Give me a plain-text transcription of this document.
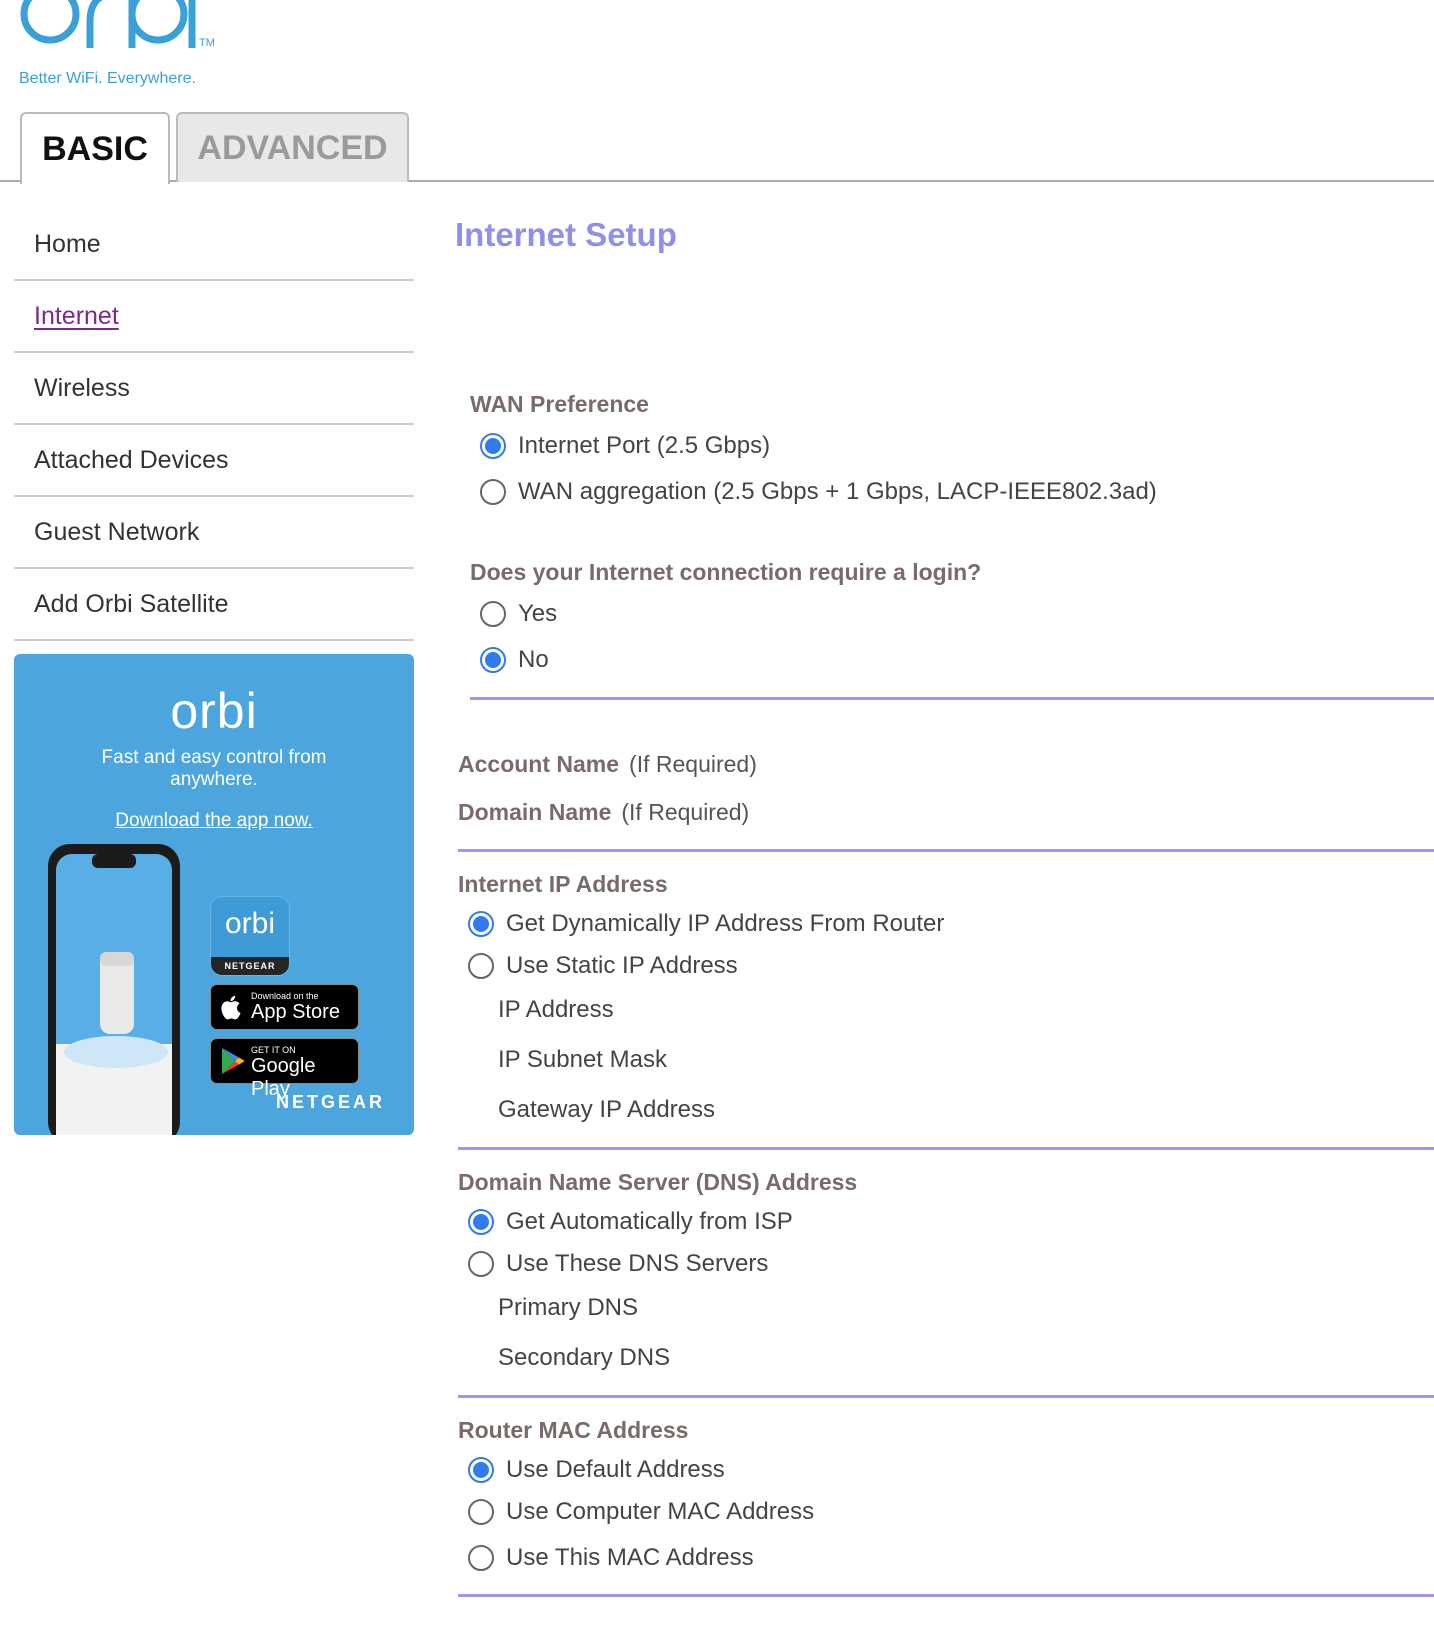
TM
Better WiFi. Everywhere.
BASIC	ADVANCED
Home
Internet
Wireless
Attached Devices
Guest Network
Add Orbi Satellite
orbi
Fast and easy control from anywhere.
Download the app now.
orbi
NETGEAR
Download on the
App Store
GET IT ON
Google Play
NETGEAR
Internet Setup
WAN Preference
Internet Port (2.5 Gbps)
WAN aggregation (2.5 Gbps + 1 Gbps, LACP-IEEE802.3ad)
Does your Internet connection require a login?
Yes
No
Account Name (If Required)
Domain Name (If Required)
Internet IP Address
Get Dynamically IP Address From Router
Use Static IP Address
IP Address
IP Subnet Mask
Gateway IP Address
Domain Name Server (DNS) Address
Get Automatically from ISP
Use These DNS Servers
Primary DNS
Secondary DNS
Router MAC Address
Use Default Address
Use Computer MAC Address
Use This MAC Address
